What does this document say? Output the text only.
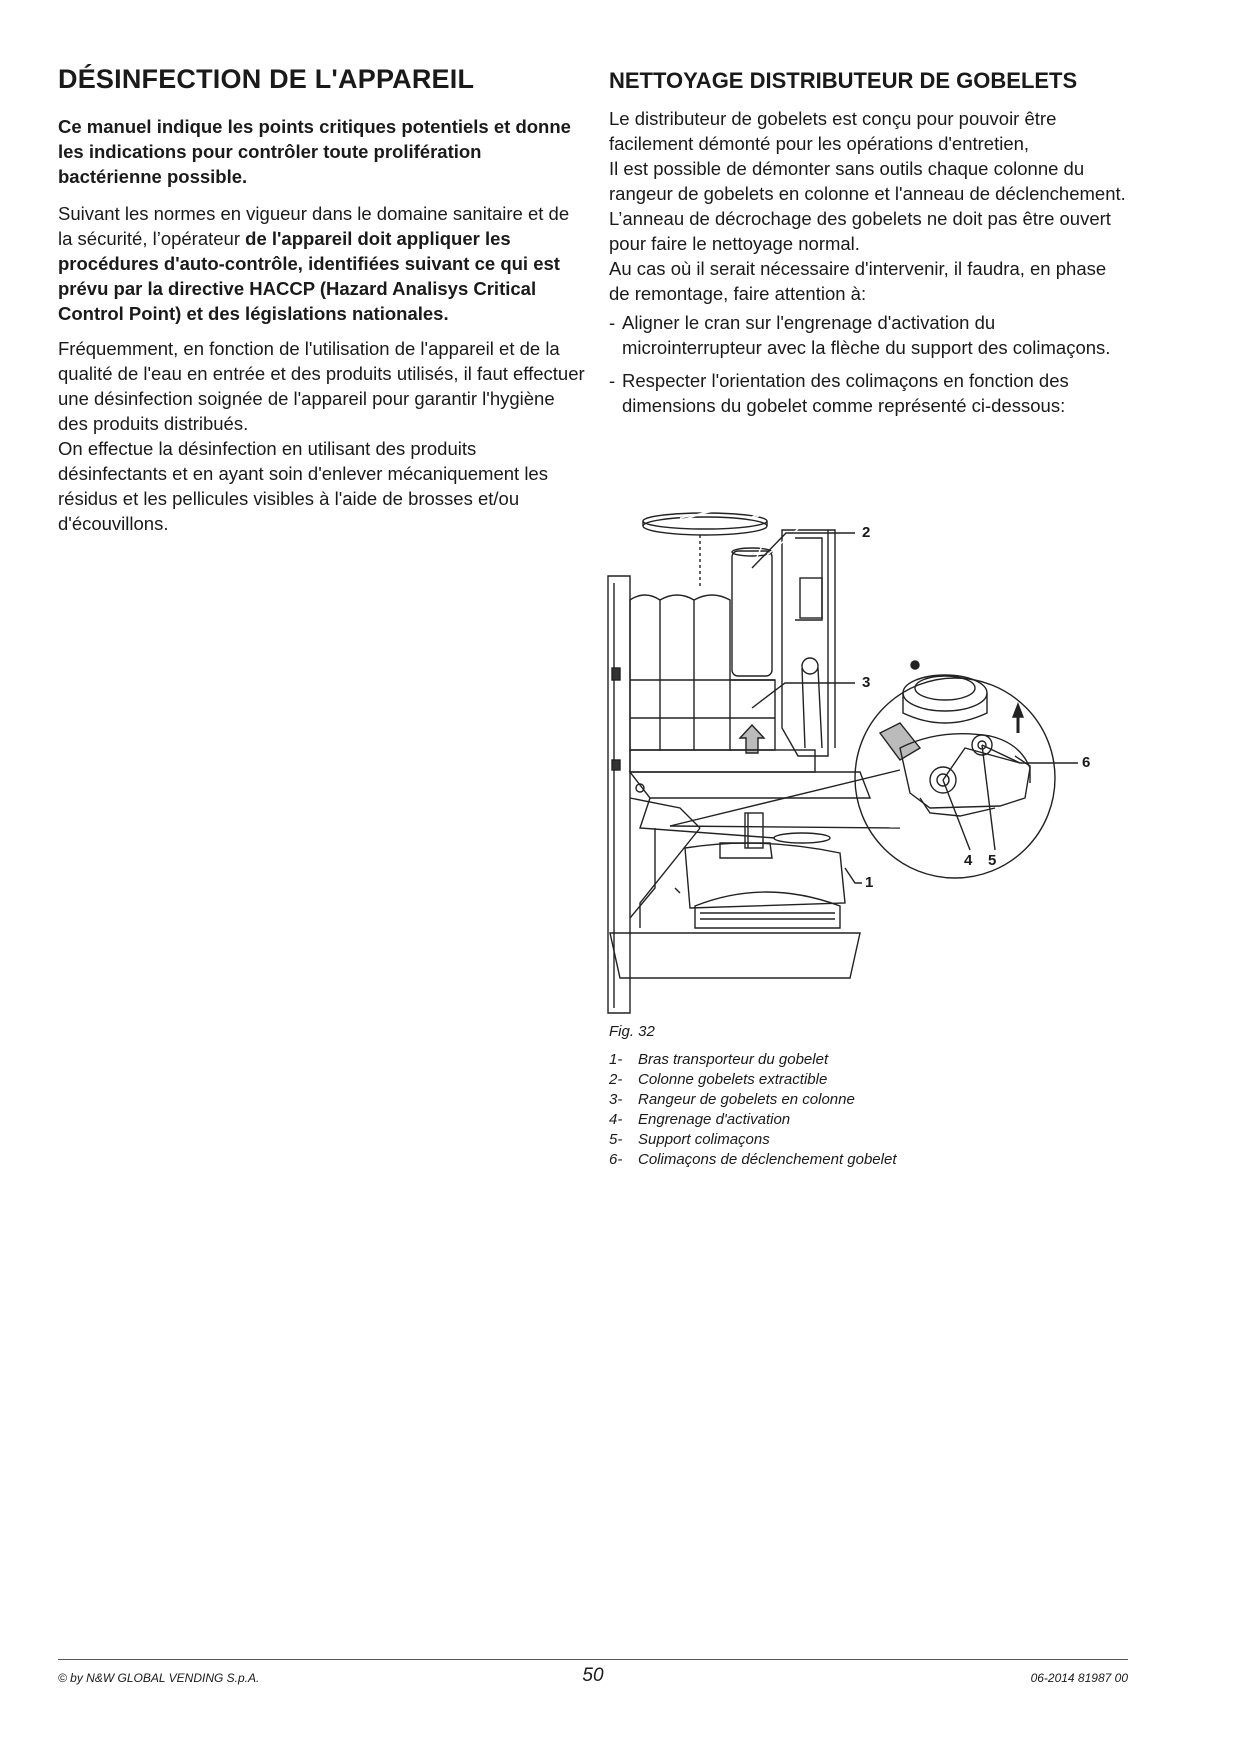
DÉSINFECTION DE L'APPAREIL

Ce manuel indique les points critiques potentiels et donne les indications pour contrôler toute prolifération bactérienne possible.

Suivant les normes en vigueur dans le domaine sanitaire et de la sécurité, l’opérateur de l'appareil doit appliquer les procédures d'auto-contrôle, identifiées suivant ce qui est prévu par la directive HACCP (Hazard Analisys Critical Control Point) et des législations nationales.

Fréquemment, en fonction de l'utilisation de l'appareil et de la qualité de l'eau en entrée et des produits utilisés, il faut effectuer une désinfection soignée de l'appareil pour garantir l'hygiène des produits distribués.

On effectue la désinfection en utilisant des produits désinfectants et en ayant soin d'enlever mécaniquement les résidus et les pellicules visibles à l'aide de brosses et/ou d'écouvillons.

NETTOYAGE DISTRIBUTEUR DE GOBELETS

Le distributeur de gobelets est conçu pour pouvoir être facilement démonté pour les opérations d'entretien,

Il est possible de démonter sans outils chaque colonne du rangeur de gobelets en colonne et l'anneau de déclenchement.

L’anneau de décrochage des gobelets ne doit pas être ouvert pour faire le nettoyage normal.

Au cas où il serait nécessaire d'intervenir, il faudra, en phase de remontage, faire attention à:

- Aligner le cran sur l'engrenage d'activation du microinterrupteur avec la flèche du support des colimaçons.
- Respecter l'orientation des colimaçons en fonction des dimensions du gobelet comme représenté ci-dessous:
2
3
6
4 5
1
Fig. 32
1-	Bras transporteur du gobelet
2-	Colonne gobelets extractible
3-	Rangeur de gobelets en colonne
4-	Engrenage d'activation
5-	Support colimaçons
6-	Colimaçons de déclenchement gobelet
© by N&W GLOBAL VENDING S.p.A.	50	06-2014 81987 00
